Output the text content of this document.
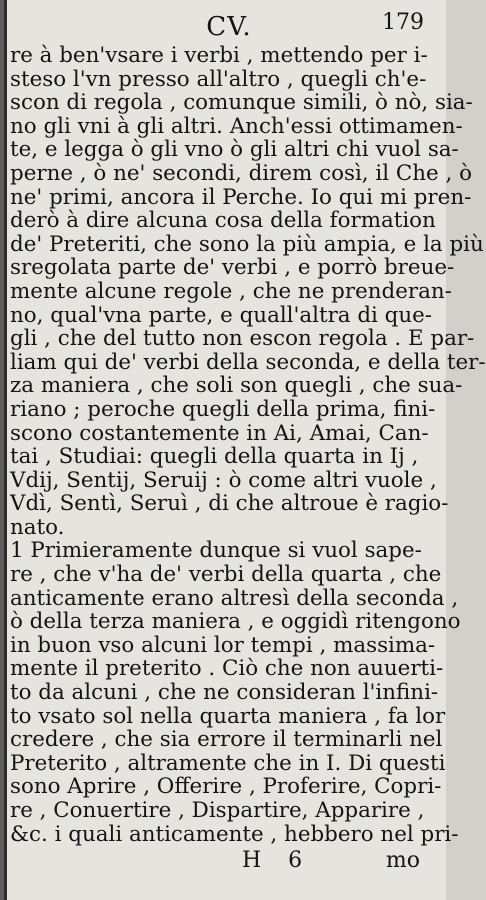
CV.	179
re à ben'vsare i verbi , mettendo per i-
steso l'vn presso all'altro , quegli ch'e-
scon di regola , comunque simili, ò nò, sia-
no gli vni à gli altri. Anch'essi ottimamen-
te, e legga ò gli vno ò gli altri chi vuol sa-
perne , ò ne' secondi, direm così, il Che , ò
ne' primi, ancora il Perche. Io qui mi pren-
derò à dire alcuna cosa della formation
de' Preteriti, che sono la più ampia, e la più
sregolata parte de' verbi , e porrò breue-
mente alcune regole , che ne prenderan-
no, qual'vna parte, e quall'altra di que-
gli , che del tutto non escon regola . E par-
liam qui de' verbi della seconda, e della ter-
za maniera , che soli son quegli , che sua-
riano ; peroche quegli della prima, fini-
scono costantemente in Ai, Amai, Can-
tai , Studiai: quegli della quarta in Ij ,
Vdij, Sentij, Seruij : ò come altri vuole ,
Vdì, Sentì, Seruì , di che altroue è ragio-
nato.
1 Primieramente dunque si vuol sape-
re , che v'ha de' verbi della quarta , che
anticamente erano altresì della seconda ,
ò della terza maniera , e oggidì ritengono
in buon vso alcuni lor tempi , massima-
mente il preterito . Ciò che non auuerti-
to da alcuni , che ne consideran l'infini-
to vsato sol nella quarta maniera , fa lor
credere , che sia errore il terminarli nel
Preterito , altramente che in I. Di questi
sono Aprire , Offerire , Proferire, Copri-
re , Conuertire , Dispartire, Apparire ,
&c. i quali anticamente , hebbero nel pri-
H 6	mo
